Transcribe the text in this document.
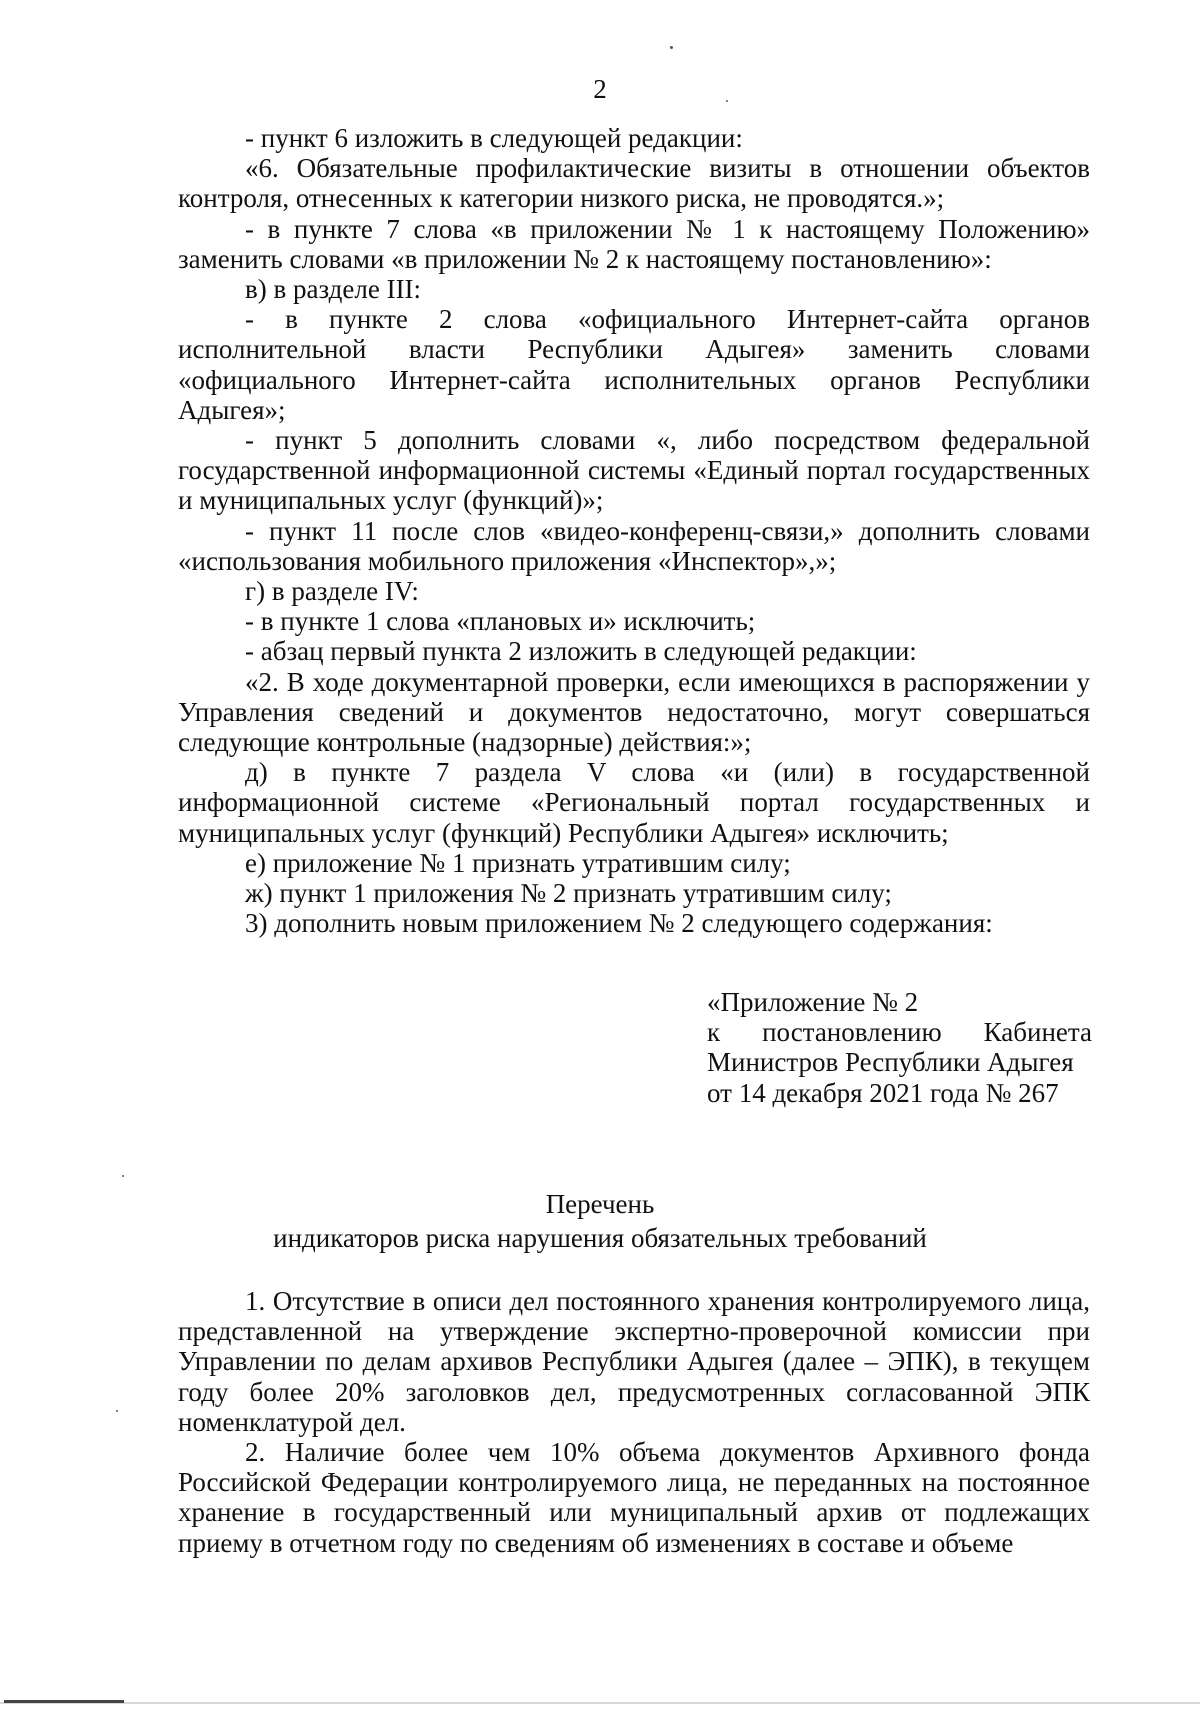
2

- пункт 6 изложить в следующей редакции:

«6. Обязательные профилактические визиты в отношении объектов контроля, отнесенных к категории низкого риска, не проводятся.»;

- в пункте 7 слова «в приложении № 1 к настоящему Положению» заменить словами «в приложении № 2 к настоящему постановлению»:

в) в разделе III:

- в пункте 2 слова «официального Интернет-сайта органов исполнительной власти Республики Адыгея» заменить словами «официального Интернет-сайта исполнительных органов Республики Адыгея»;

- пункт 5 дополнить словами «, либо посредством федеральной государственной информационной системы «Единый портал государственных и муниципальных услуг (функций)»;

- пункт 11 после слов «видео-конференц-связи,» дополнить словами «использования мобильного приложения «Инспектор»,»;

г) в разделе IV:

- в пункте 1 слова «плановых и» исключить;

- абзац первый пункта 2 изложить в следующей редакции:

«2. В ходе документарной проверки, если имеющихся в распоряжении у Управления сведений и документов недостаточно, могут совершаться следующие контрольные (надзорные) действия:»;

д) в пункте 7 раздела V слова «и (или) в государственной информационной системе «Региональный портал государственных и муниципальных услуг (функций) Республики Адыгея» исключить;

е) приложение № 1 признать утратившим силу;

ж) пункт 1 приложения № 2 признать утратившим силу;

3) дополнить новым приложением № 2 следующего содержания:

«Приложение № 2
к постановлению Кабинета
Министров Республики Адыгея
от 14 декабря 2021 года № 267
Перечень
индикаторов риска нарушения обязательных требований

1. Отсутствие в описи дел постоянного хранения контролируемого лица, представленной на утверждение экспертно-проверочной комиссии при Управлении по делам архивов Республики Адыгея (далее – ЭПК), в текущем году более 20% заголовков дел, предусмотренных согласованной ЭПК номенклатурой дел.

2. Наличие более чем 10% объема документов Архивного фонда Российской Федерации контролируемого лица, не переданных на постоянное хранение в государственный или муниципальный архив от подлежащих приему в отчетном году по сведениям об изменениях в составе и объеме
